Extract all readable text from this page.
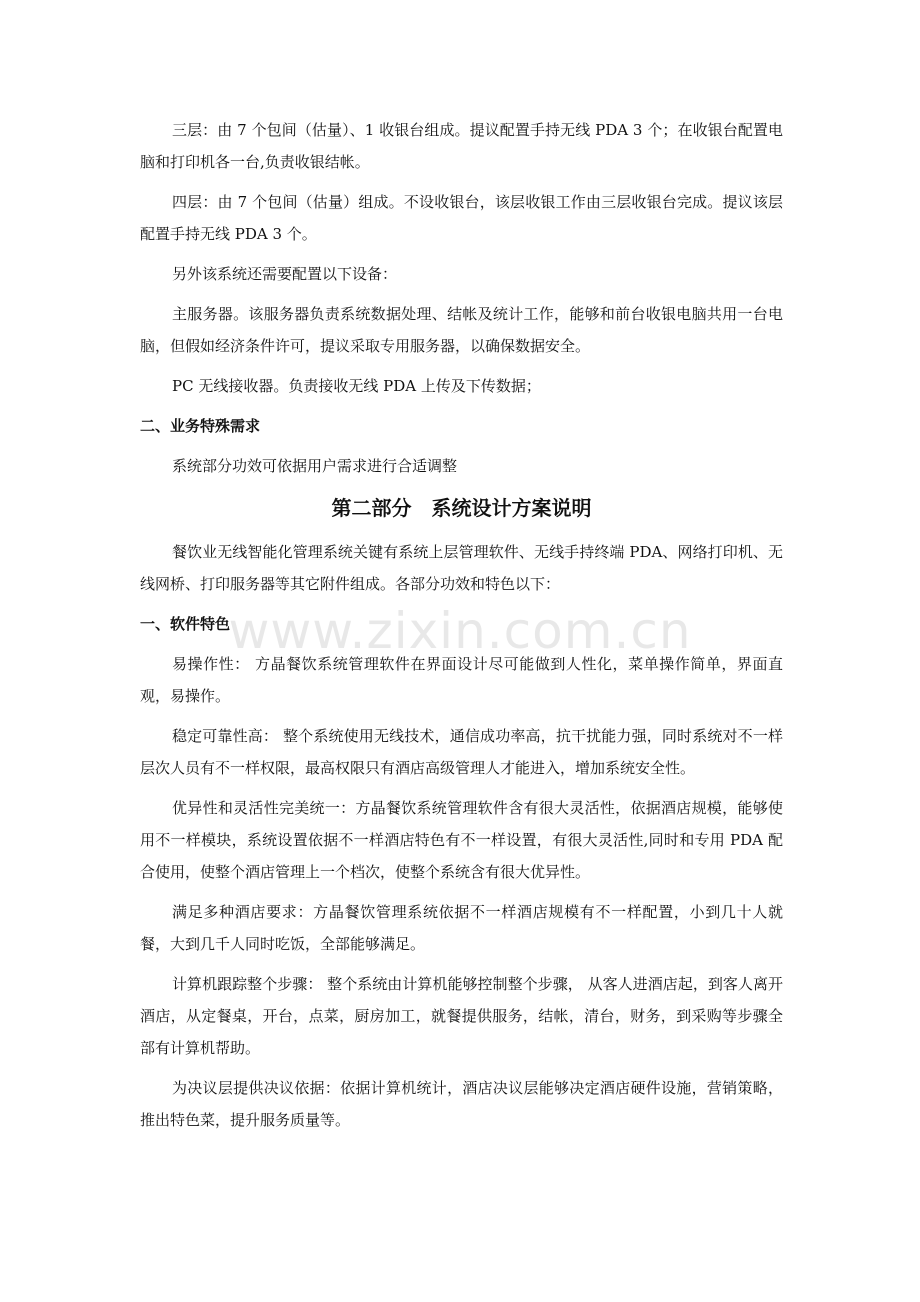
三层：由 7 个包间（估量）、1 收银台组成。提议配置手持无线 PDA 3 个；在收银台配置电脑和打印机各一台,负责收银结帐。

四层：由 7 个包间（估量）组成。不设收银台，该层收银工作由三层收银台完成。提议该层配置手持无线 PDA 3 个。

另外该系统还需要配置以下设备：

主服务器。该服务器负责系统数据处理、结帐及统计工作，能够和前台收银电脑共用一台电脑，但假如经济条件许可，提议采取专用服务器，以确保数据安全。

PC 无线接收器。负责接收无线 PDA 上传及下传数据；

二、业务特殊需求

系统部分功效可依据用户需求进行合适调整

第二部分　系统设计方案说明

餐饮业无线智能化管理系统关键有系统上层管理软件、无线手持终端 PDA、网络打印机、无线网桥、打印服务器等其它附件组成。各部分功效和特色以下：

一、软件特色

易操作性： 方晶餐饮系统管理软件在界面设计尽可能做到人性化，菜单操作简单，界面直观，易操作。

稳定可靠性高： 整个系统使用无线技术，通信成功率高，抗干扰能力强，同时系统对不一样层次人员有不一样权限，最高权限只有酒店高级管理人才能进入，增加系统安全性。

优异性和灵活性完美统一：方晶餐饮系统管理软件含有很大灵活性，依据酒店规模，能够使用不一样模块，系统设置依据不一样酒店特色有不一样设置，有很大灵活性,同时和专用 PDA 配合使用，使整个酒店管理上一个档次，使整个系统含有很大优异性。

满足多种酒店要求：方晶餐饮管理系统依据不一样酒店规模有不一样配置，小到几十人就餐，大到几千人同时吃饭，全部能够满足。

计算机跟踪整个步骤： 整个系统由计算机能够控制整个步骤， 从客人进酒店起，到客人离开酒店，从定餐桌，开台，点菜，厨房加工，就餐提供服务，结帐，清台，财务，到采购等步骤全部有计算机帮助。

为决议层提供决议依据：依据计算机统计，酒店决议层能够决定酒店硬件设施，营销策略，推出特色菜，提升服务质量等。

www.zixin.com.cn
